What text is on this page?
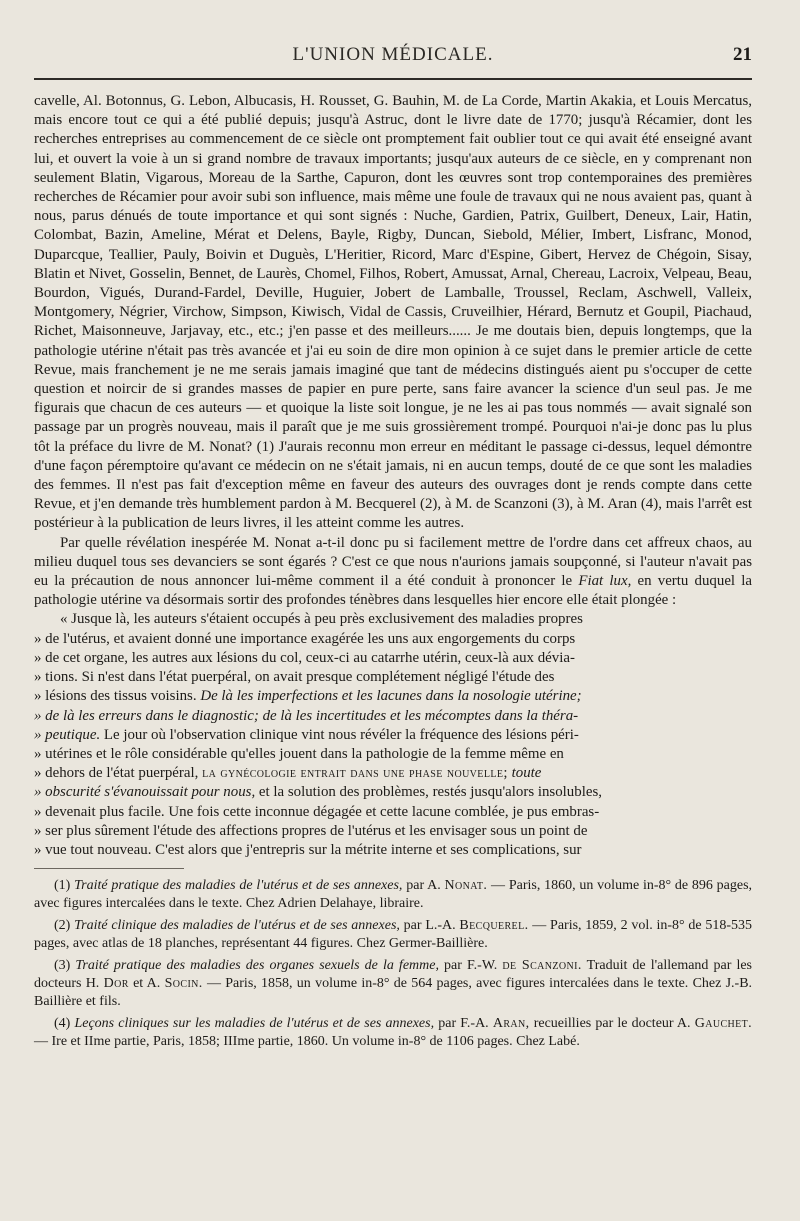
L'UNION MÉDICALE.	21

cavelle, Al. Botonnus, G. Lebon, Albucasis, H. Rousset, G. Bauhin, M. de La Corde, Martin Akakia, et Louis Mercatus, mais encore tout ce qui a été publié depuis; jusqu'à Astruc, dont le livre date de 1770; jusqu'à Récamier, dont les recherches entreprises au commencement de ce siècle ont promptement fait oublier tout ce qui avait été enseigné avant lui, et ouvert la voie à un si grand nombre de travaux importants; jusqu'aux auteurs de ce siècle, en y comprenant non seulement Blatin, Vigarous, Moreau de la Sarthe, Capuron, dont les œuvres sont trop contemporaines des premières recherches de Récamier pour avoir subi son influence, mais même une foule de travaux qui ne nous avaient pas, quant à nous, parus dénués de toute importance et qui sont signés : Nuche, Gardien, Patrix, Guilbert, Deneux, Lair, Hatin, Colombat, Bazin, Ameline, Mérat et Delens, Bayle, Rigby, Duncan, Siebold, Mélier, Imbert, Lisfranc, Monod, Duparcque, Teallier, Pauly, Boivin et Duguès, L'Heritier, Ricord, Marc d'Espine, Gibert, Hervez de Chégoin, Sisay, Blatin et Nivet, Gosselin, Bennet, de Laurès, Chomel, Filhos, Robert, Amussat, Arnal, Chereau, Lacroix, Velpeau, Beau, Bourdon, Vigués, Durand-Fardel, Deville, Huguier, Jobert de Lamballe, Troussel, Reclam, Aschwell, Valleix, Montgomery, Négrier, Virchow, Simpson, Kiwisch, Vidal de Cassis, Cruveilhier, Hérard, Bernutz et Goupil, Piachaud, Richet, Maisonneuve, Jarjavay, etc., etc.; j'en passe et des meilleurs...... Je me doutais bien, depuis longtemps, que la pathologie utérine n'était pas très avancée et j'ai eu soin de dire mon opinion à ce sujet dans le premier article de cette Revue, mais franchement je ne me serais jamais imaginé que tant de médecins distingués aient pu s'occuper de cette question et noircir de si grandes masses de papier en pure perte, sans faire avancer la science d'un seul pas. Je me figurais que chacun de ces auteurs — et quoique la liste soit longue, je ne les ai pas tous nommés — avait signalé son passage par un progrès nouveau, mais il paraît que je me suis grossièrement trompé. Pourquoi n'ai-je donc pas lu plus tôt la préface du livre de M. Nonat? (1) J'aurais reconnu mon erreur en méditant le passage ci-dessus, lequel démontre d'une façon péremptoire qu'avant ce médecin on ne s'était jamais, ni en aucun temps, douté de ce que sont les maladies des femmes. Il n'est pas fait d'exception même en faveur des auteurs des ouvrages dont je rends compte dans cette Revue, et j'en demande très humblement pardon à M. Becquerel (2), à M. de Scanzoni (3), à M. Aran (4), mais l'arrêt est postérieur à la publication de leurs livres, il les atteint comme les autres.

Par quelle révélation inespérée M. Nonat a-t-il donc pu si facilement mettre de l'ordre dans cet affreux chaos, au milieu duquel tous ses devanciers se sont égarés ? C'est ce que nous n'aurions jamais soupçonné, si l'auteur n'avait pas eu la précaution de nous annoncer lui-même comment il a été conduit à prononcer le Fiat lux, en vertu duquel la pathologie utérine va désormais sortir des profondes ténèbres dans lesquelles hier encore elle était plongée :

« Jusque là, les auteurs s'étaient occupés à peu près exclusivement des maladies propres

» de l'utérus, et avaient donné une importance exagérée les uns aux engorgements du corps

» de cet organe, les autres aux lésions du col, ceux-ci au catarrhe utérin, ceux-là aux dévia-

» tions. Si n'est dans l'état puerpéral, on avait presque complétement négligé l'étude des

» lésions des tissus voisins. De là les imperfections et les lacunes dans la nosologie utérine;

» de là les erreurs dans le diagnostic; de là les incertitudes et les mécomptes dans la théra-

» peutique. Le jour où l'observation clinique vint nous révéler la fréquence des lésions péri-

» utérines et le rôle considérable qu'elles jouent dans la pathologie de la femme même en

» dehors de l'état puerpéral, la gynécologie entrait dans une phase nouvelle; toute

» obscurité s'évanouissait pour nous, et la solution des problèmes, restés jusqu'alors insolubles,

» devenait plus facile. Une fois cette inconnue dégagée et cette lacune comblée, je pus embras-

» ser plus sûrement l'étude des affections propres de l'utérus et les envisager sous un point de

» vue tout nouveau. C'est alors que j'entrepris sur la métrite interne et ses complications, sur

(1) Traité pratique des maladies de l'utérus et de ses annexes, par A. Nonat. — Paris, 1860, un volume in-8° de 896 pages, avec figures intercalées dans le texte. Chez Adrien Delahaye, libraire.

(2) Traité clinique des maladies de l'utérus et de ses annexes, par L.-A. Becquerel. — Paris, 1859, 2 vol. in-8° de 518-535 pages, avec atlas de 18 planches, représentant 44 figures. Chez Germer-Baillière.

(3) Traité pratique des maladies des organes sexuels de la femme, par F.-W. de Scanzoni. Traduit de l'allemand par les docteurs H. Dor et A. Socin. — Paris, 1858, un volume in-8° de 564 pages, avec figures intercalées dans le texte. Chez J.-B. Baillière et fils.

(4) Leçons cliniques sur les maladies de l'utérus et de ses annexes, par F.-A. Aran, recueillies par le docteur A. Gauchet. — Ire et IIme partie, Paris, 1858; IIIme partie, 1860. Un volume in-8° de 1106 pages. Chez Labé.
